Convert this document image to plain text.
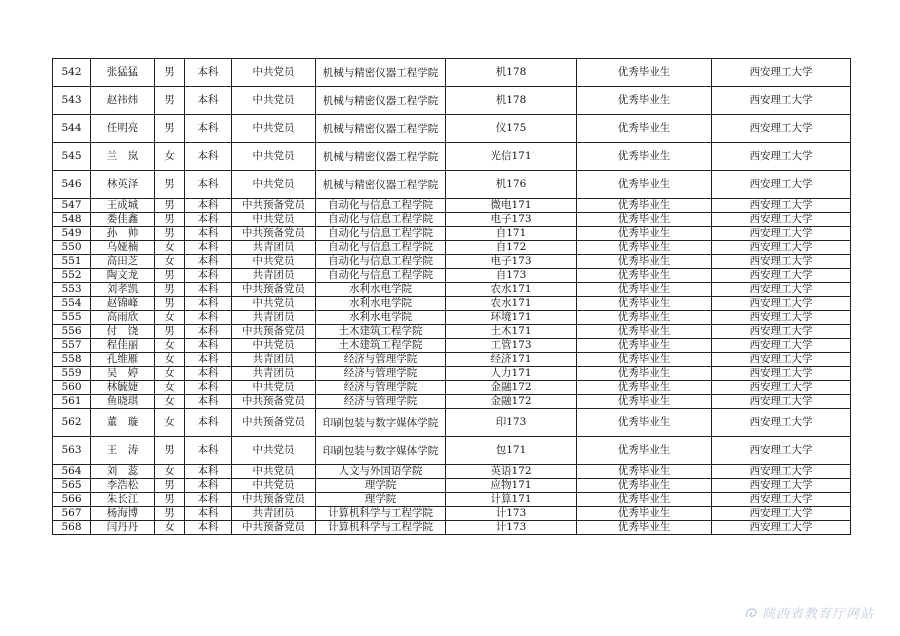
542	张猛猛	男	本科	中共党员	机械与精密仪器工程学院	机178	优秀毕业生	西安理工大学
543	赵祎炜	男	本科	中共党员	机械与精密仪器工程学院	机178	优秀毕业生	西安理工大学
544	任明亮	男	本科	中共党员	机械与精密仪器工程学院	仪175	优秀毕业生	西安理工大学
545	兰　岚	女	本科	中共党员	机械与精密仪器工程学院	光信171	优秀毕业生	西安理工大学
546	林英泽	男	本科	中共党员	机械与精密仪器工程学院	机176	优秀毕业生	西安理工大学
547	王成城	男	本科	中共预备党员	自动化与信息工程学院	微电171	优秀毕业生	西安理工大学
548	娄佳鑫	男	本科	中共党员	自动化与信息工程学院	电子173	优秀毕业生	西安理工大学
549	孙　帅	男	本科	中共预备党员	自动化与信息工程学院	自171	优秀毕业生	西安理工大学
550	乌娅楠	女	本科	共青团员	自动化与信息工程学院	自172	优秀毕业生	西安理工大学
551	高田芝	女	本科	中共党员	自动化与信息工程学院	电子173	优秀毕业生	西安理工大学
552	陶文龙	男	本科	共青团员	自动化与信息工程学院	自173	优秀毕业生	西安理工大学
553	刘孝凯	男	本科	中共预备党员	水利水电学院	农水171	优秀毕业生	西安理工大学
554	赵锦峰	男	本科	中共党员	水利水电学院	农水171	优秀毕业生	西安理工大学
555	高雨欣	女	本科	共青团员	水利水电学院	环境171	优秀毕业生	西安理工大学
556	付　饶	男	本科	中共预备党员	土木建筑工程学院	土木171	优秀毕业生	西安理工大学
557	程佳丽	女	本科	中共党员	土木建筑工程学院	工管173	优秀毕业生	西安理工大学
558	孔维雁	女	本科	共青团员	经济与管理学院	经济171	优秀毕业生	西安理工大学
559	吴　婷	女	本科	共青团员	经济与管理学院	人力171	优秀毕业生	西安理工大学
560	林毓婕	女	本科	中共党员	经济与管理学院	金融172	优秀毕业生	西安理工大学
561	鱼晓琪	女	本科	中共预备党员	经济与管理学院	金融172	优秀毕业生	西安理工大学
562	董　璇	女	本科	中共预备党员	印刷包装与数字媒体学院	印173	优秀毕业生	西安理工大学
563	王　涛	男	本科	中共党员	印刷包装与数字媒体学院	包171	优秀毕业生	西安理工大学
564	刘　蕊	女	本科	中共党员	人文与外国语学院	英语172	优秀毕业生	西安理工大学
565	李浩松	男	本科	中共党员	理学院	应物171	优秀毕业生	西安理工大学
566	朱长江	男	本科	中共预备党员	理学院	计算171	优秀毕业生	西安理工大学
567	杨海博	男	本科	共青团员	计算机科学与工程学院	计173	优秀毕业生	西安理工大学
568	闫丹丹	女	本科	中共预备党员	计算机科学与工程学院	计173	优秀毕业生	西安理工大学
陕西省教育厅网站
